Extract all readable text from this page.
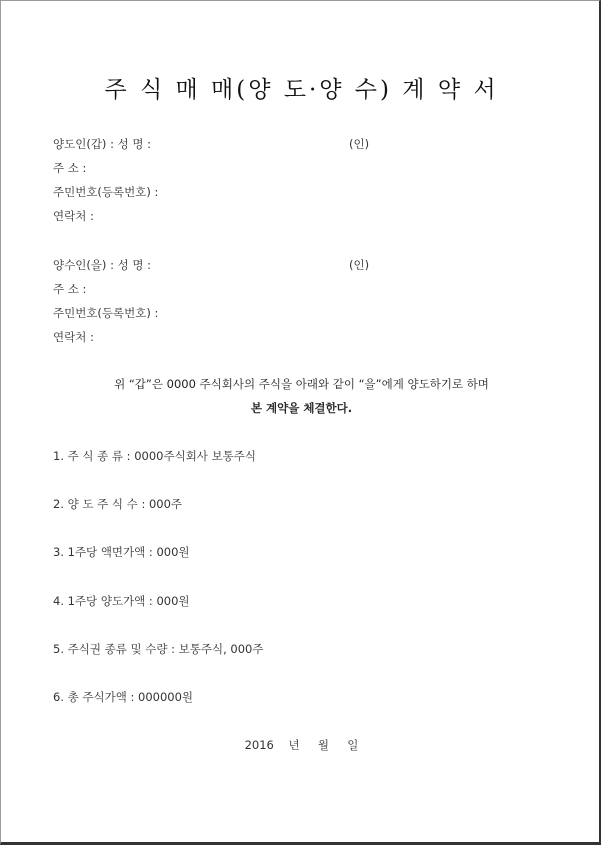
주 식 매 매(양 도·양 수) 계 약 서
양도인(갑) : 성 명 :	(인)
주 소 :
주민번호(등록번호) :
연락처 :
양수인(을) : 성 명 :	(인)
주 소 :
주민번호(등록번호) :
연락처 :
위 “갑”은 0000 주식회사의 주식을 아래와 같이 “을”에게 양도하기로 하며
본 계약을 체결한다.
1. 주 식 종 류 : 0000주식회사 보통주식
2. 양 도 주 식 수 : 000주
3. 1주당 액면가액 : 000원
4. 1주당 양도가액 : 000원
5. 주식권 종류 및 수량 : 보통주식, 000주
6. 총 주식가액 : 000000원
2016    년     월     일
